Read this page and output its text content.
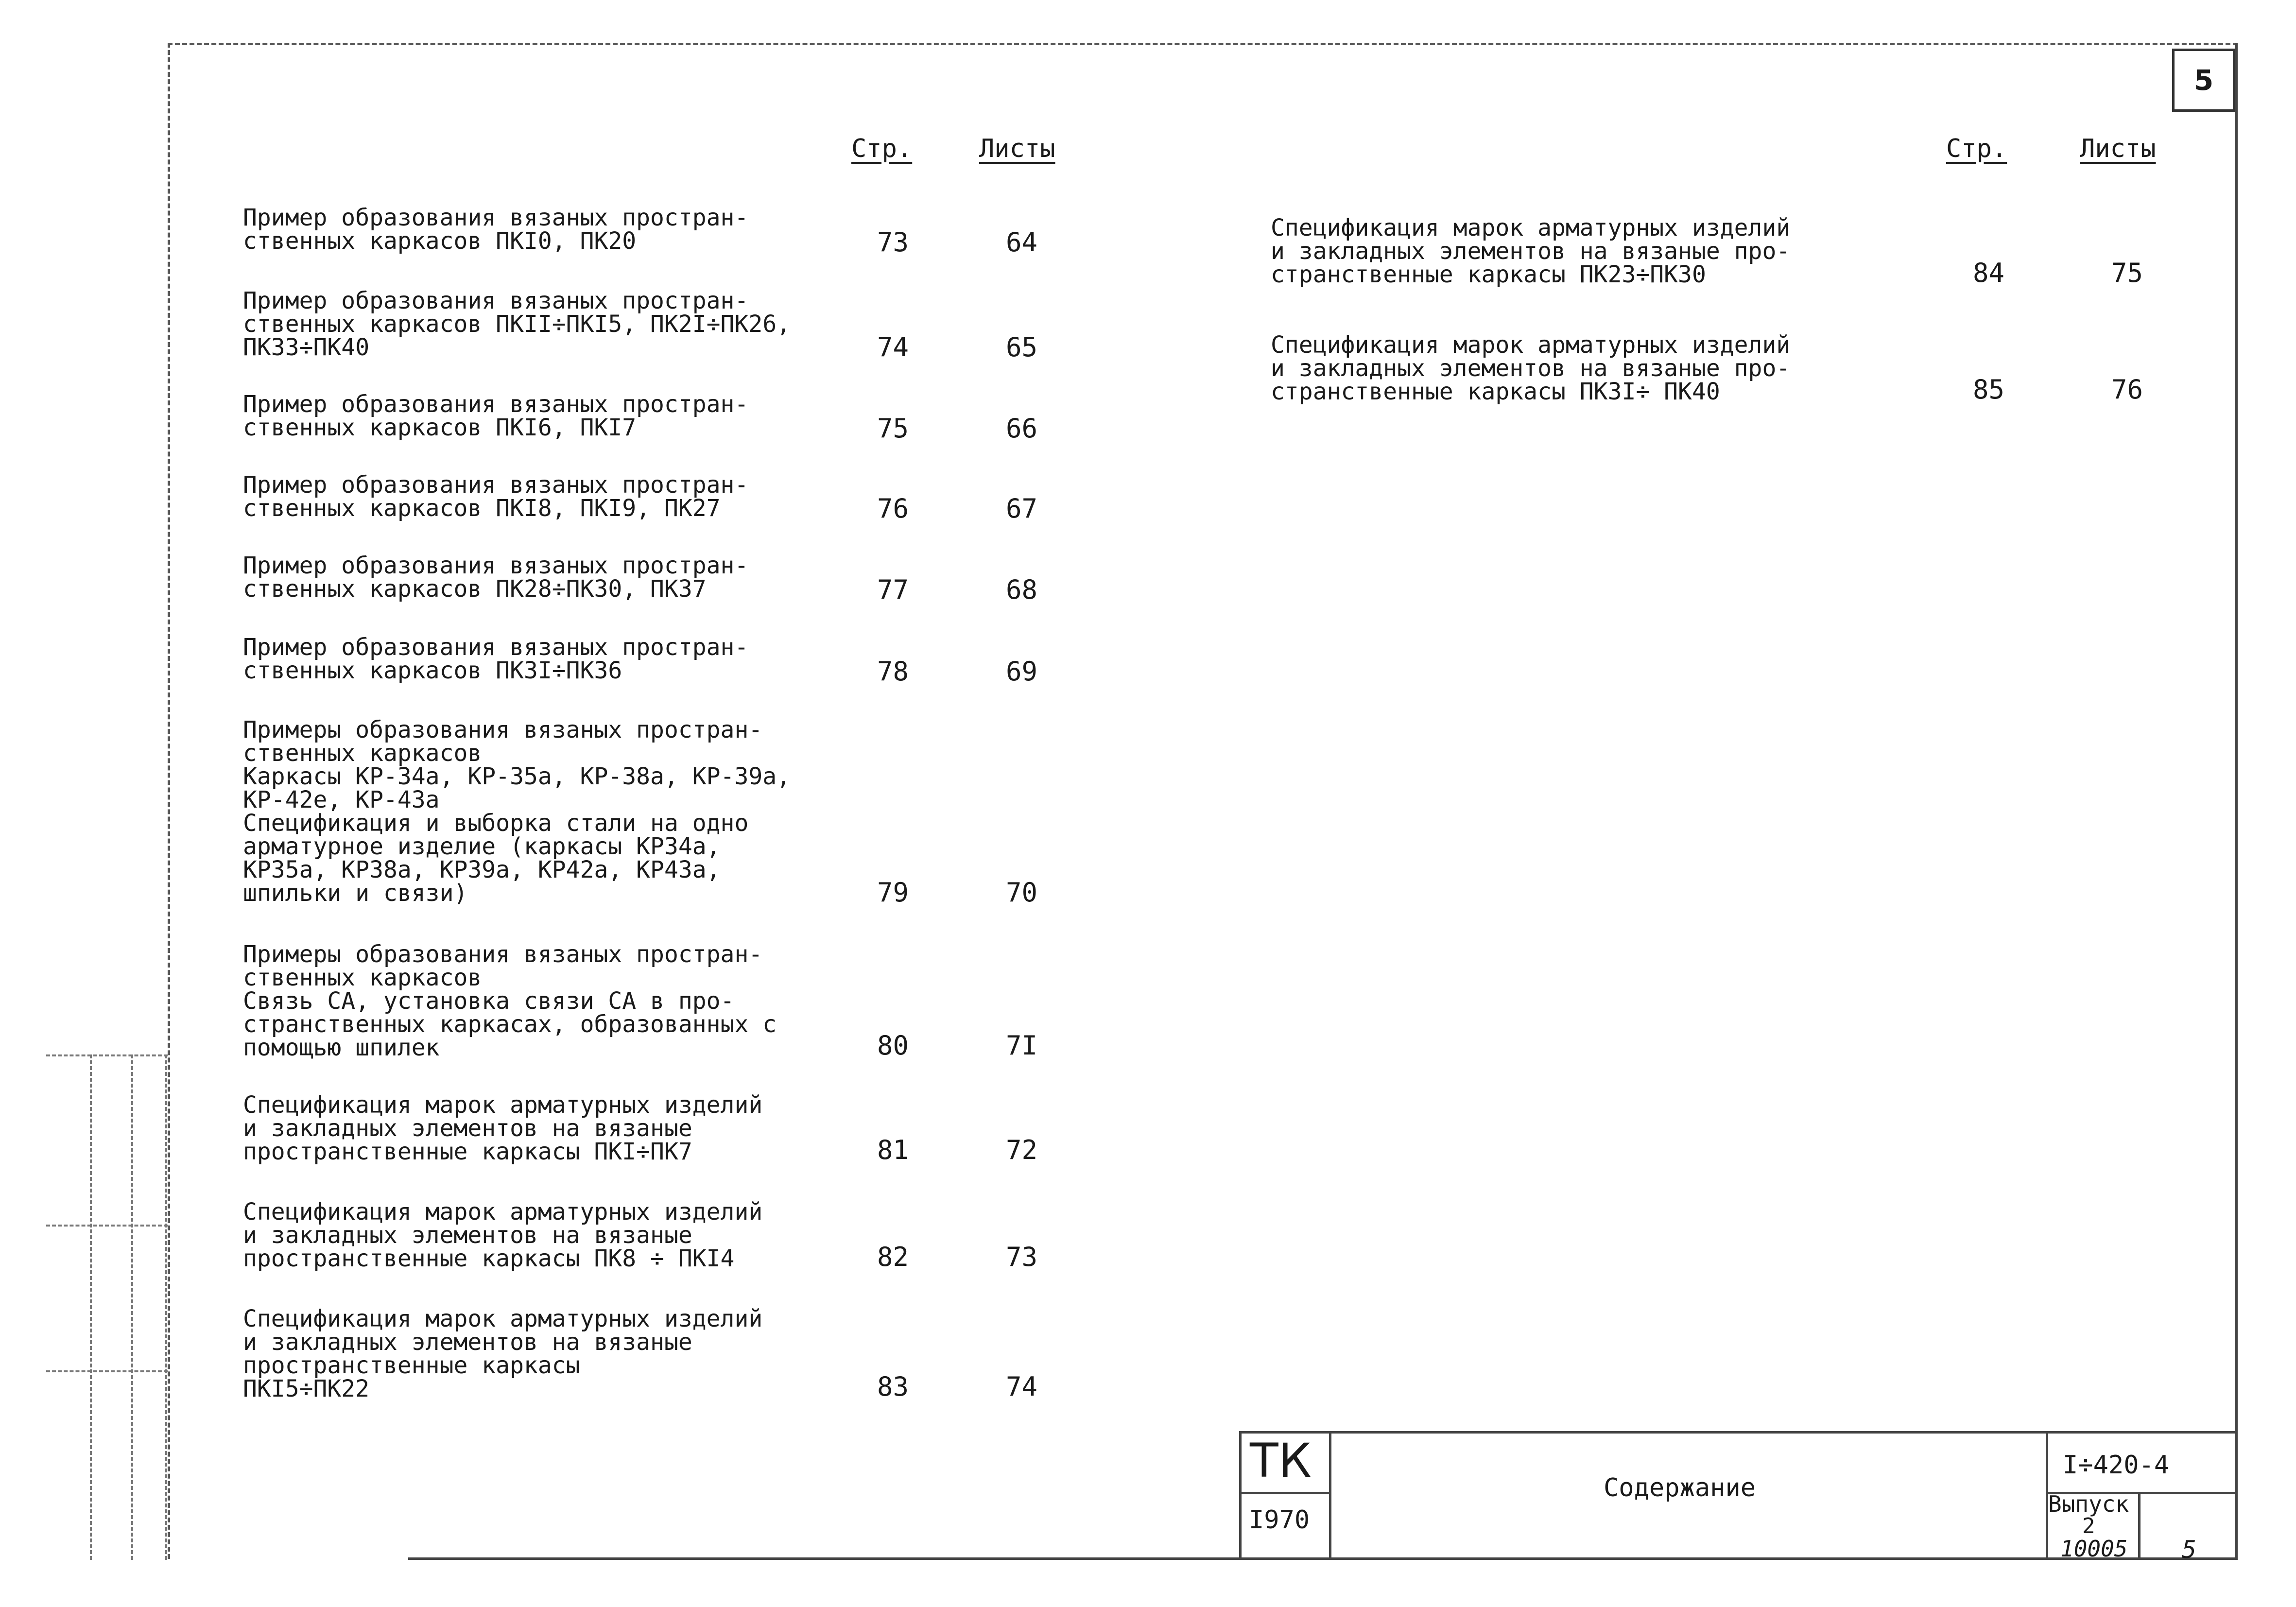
5
Стр.	Листы	Стр.	Листы
Пример образования вязаных простран-
ственных каркасов ПКI0, ПК20	73	64
Пример образования вязаных простран-
ственных каркасов ПКII÷ПКI5, ПК2I÷ПК26,
ПК33÷ПК40	74	65
Пример образования вязаных простран-
ственных каркасов ПКI6, ПКI7	75	66
Пример образования вязаных простран-
ственных каркасов ПКI8, ПКI9, ПК27	76	67
Пример образования вязаных простран-
ственных каркасов ПК28÷ПК30, ПК37	77	68
Пример образования вязаных простран-
ственных каркасов ПК3I÷ПК36	78	69
Примеры образования вязаных простран-
ственных каркасов
Каркасы КР-34а, КР-35а, КР-38а, КР-39а,
КР-42е, КР-43а
Спецификация и выборка стали на одно
арматурное изделие (каркасы КР34а,
КР35а, КР38а, КР39а, КР42а, КР43а,
шпильки и связи)	79	70
Примеры образования вязаных простран-
ственных каркасов
Связь СА, установка связи СА в про-
странственных каркасах, образованных с
помощью шпилек	80	7I
Спецификация марок арматурных изделий
и закладных элементов на вязаные
пространственные каркасы ПКI÷ПК7	81	72
Спецификация марок арматурных изделий
и закладных элементов на вязаные
пространственные каркасы ПК8 ÷ ПКI4	82	73
Спецификация марок арматурных изделий
и закладных элементов на вязаные
пространственные каркасы
ПКI5÷ПК22	83	74
Спецификация марок арматурных изделий
и закладных элементов на вязаные про-
странственные каркасы ПК23÷ПК30	84	75
Спецификация марок арматурных изделий
и закладных элементов на вязаные про-
странственные каркасы ПК3I÷ ПК40	85	76
ТК
I970
Содержание
I÷420-4
Выпуск
2
10005 5
